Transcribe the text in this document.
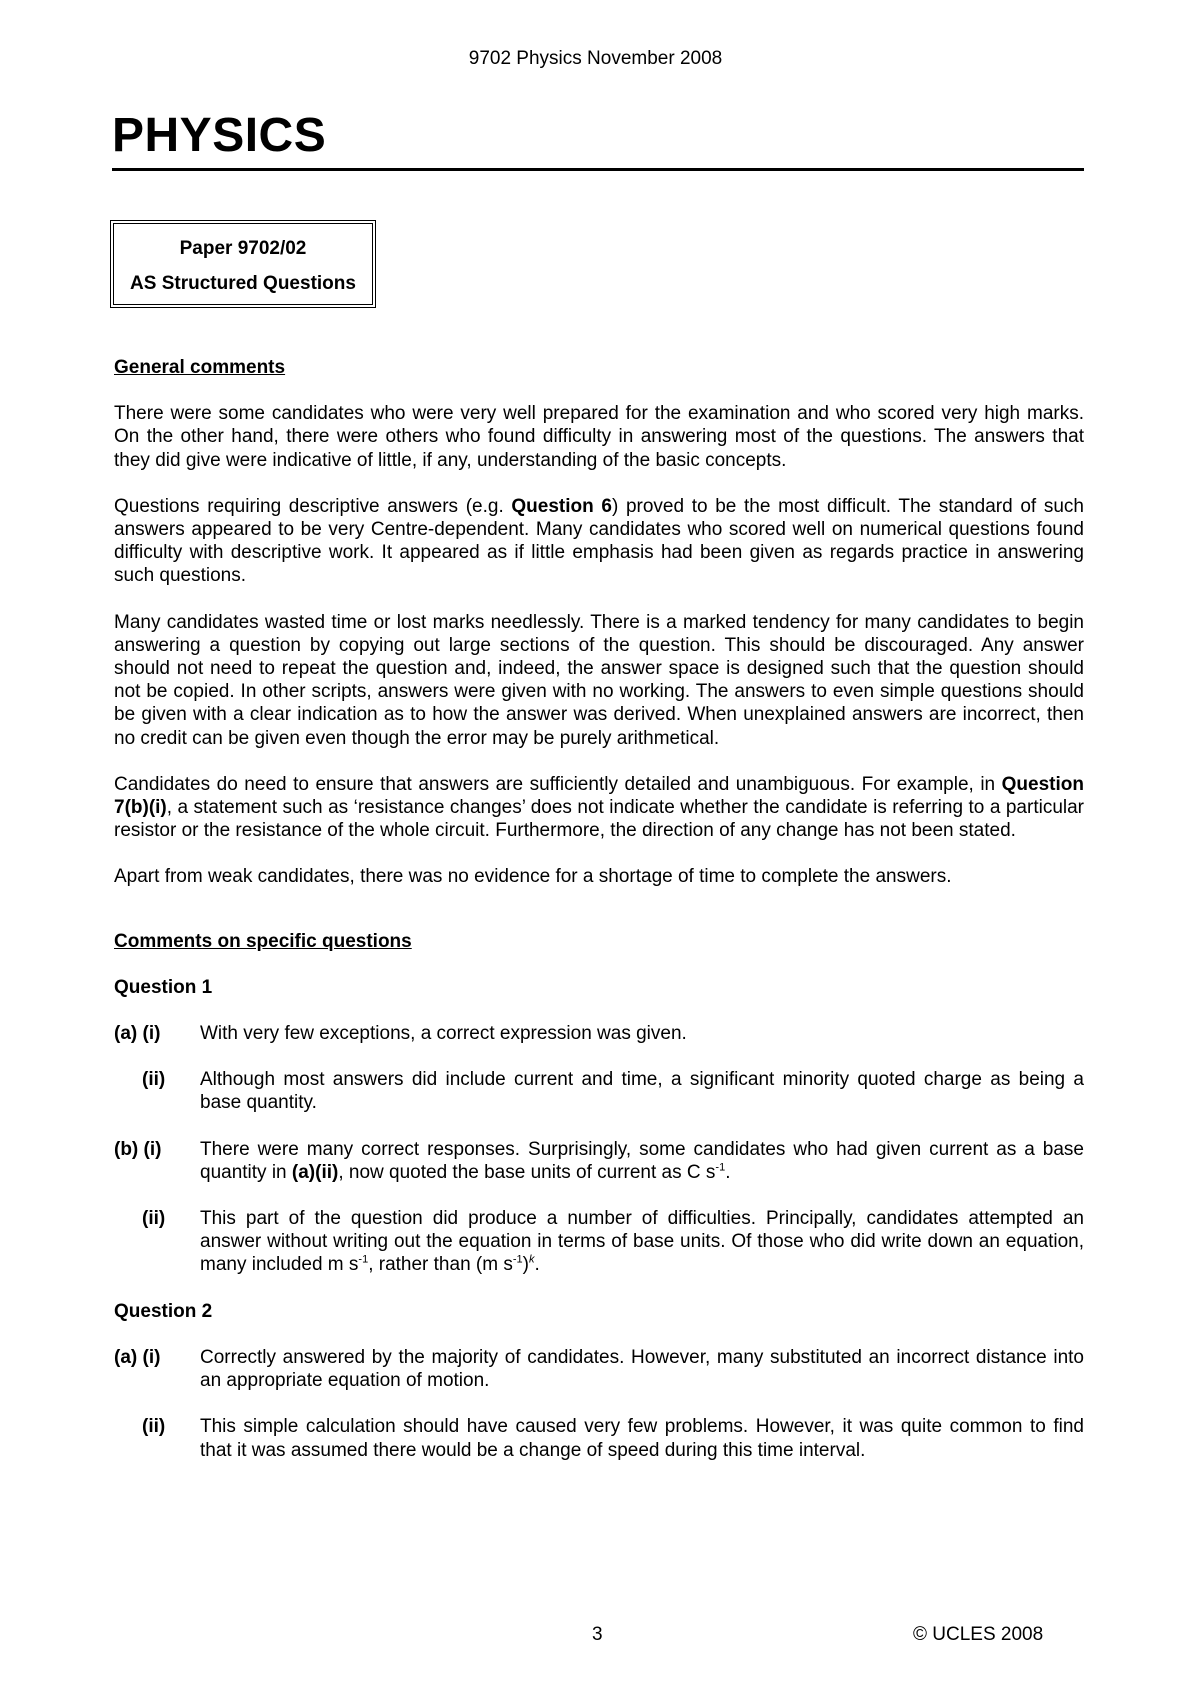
9702 Physics November 2008
PHYSICS
Paper 9702/02
AS Structured Questions

General comments

There were some candidates who were very well prepared for the examination and who scored very high marks. On the other hand, there were others who found difficulty in answering most of the questions. The answers that they did give were indicative of little, if any, understanding of the basic concepts.

Questions requiring descriptive answers (e.g. Question 6) proved to be the most difficult. The standard of such answers appeared to be very Centre-dependent. Many candidates who scored well on numerical questions found difficulty with descriptive work. It appeared as if little emphasis had been given as regards practice in answering such questions.

Many candidates wasted time or lost marks needlessly. There is a marked tendency for many candidates to begin answering a question by copying out large sections of the question. This should be discouraged. Any answer should not need to repeat the question and, indeed, the answer space is designed such that the question should not be copied. In other scripts, answers were given with no working. The answers to even simple questions should be given with a clear indication as to how the answer was derived. When unexplained answers are incorrect, then no credit can be given even though the error may be purely arithmetical.

Candidates do need to ensure that answers are sufficiently detailed and unambiguous. For example, in Question 7(b)(i), a statement such as ‘resistance changes’ does not indicate whether the candidate is referring to a particular resistor or the resistance of the whole circuit. Furthermore, the direction of any change has not been stated.

Apart from weak candidates, there was no evidence for a shortage of time to complete the answers.

Comments on specific questions

Question 1

(a) (i)	With very few exceptions, a correct expression was given.
(ii)	Although most answers did include current and time, a significant minority quoted charge as being a base quantity.
(b) (i)	There were many correct responses. Surprisingly, some candidates who had given current as a base quantity in (a)(ii), now quoted the base units of current as C $s^{-1}$.
(ii)	This part of the question did produce a number of difficulties. Principally, candidates attempted an answer without writing out the equation in terms of base units. Of those who did write down an equation, many included m $s^{-1}$, rather than (m $s^{-1})^k$.

Question 2

(a) (i)	Correctly answered by the majority of candidates. However, many substituted an incorrect distance into an appropriate equation of motion.
(ii)	This simple calculation should have caused very few problems. However, it was quite common to find that it was assumed there would be a change of speed during this time interval.
3	© UCLES 2008
